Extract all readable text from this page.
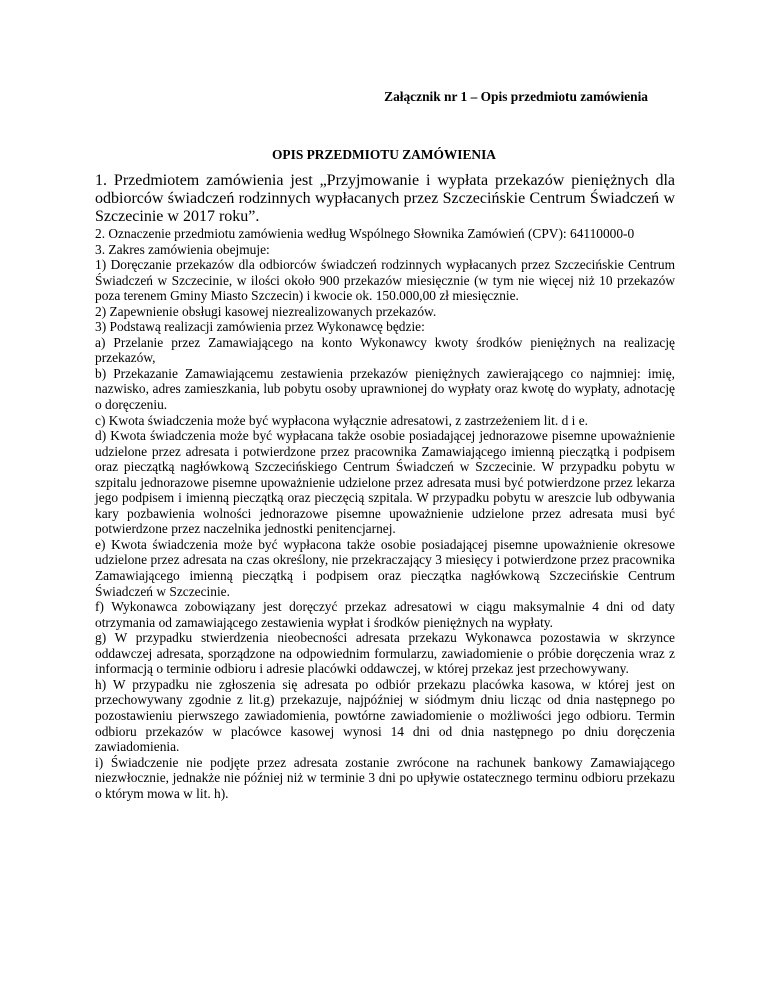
Załącznik nr 1 – Opis przedmiotu zamówienia
OPIS PRZEDMIOTU ZAMÓWIENIA

1. Przedmiotem zamówienia jest „Przyjmowanie i wypłata przekazów pieniężnych dla odbiorców świadczeń rodzinnych wypłacanych przez Szczecińskie Centrum Świadczeń w Szczecinie w 2017 roku”.

2. Oznaczenie przedmiotu zamówienia według Wspólnego Słownika Zamówień (CPV): 64110000-0

3. Zakres zamówienia obejmuje:

1) Doręczanie przekazów dla odbiorców świadczeń rodzinnych wypłacanych przez Szczecińskie Centrum Świadczeń w Szczecinie, w ilości około 900 przekazów miesięcznie (w tym nie więcej niż 10 przekazów poza terenem Gminy Miasto Szczecin) i kwocie ok. 150.000,00 zł miesięcznie.

2) Zapewnienie obsługi kasowej niezrealizowanych przekazów.

3) Podstawą realizacji zamówienia przez Wykonawcę będzie:

a) Przelanie przez Zamawiającego na konto Wykonawcy kwoty środków pieniężnych na realizację przekazów,

b) Przekazanie Zamawiającemu zestawienia przekazów pieniężnych zawierającego co najmniej: imię, nazwisko, adres zamieszkania, lub pobytu osoby uprawnionej do wypłaty oraz kwotę do wypłaty, adnotację o doręczeniu.

c) Kwota świadczenia może być wypłacona wyłącznie adresatowi, z zastrzeżeniem lit. d i e.

d) Kwota świadczenia może być wypłacana także osobie posiadającej jednorazowe pisemne upoważnienie udzielone przez adresata i potwierdzone przez pracownika Zamawiającego imienną pieczątką i podpisem oraz pieczątką nagłówkową Szczecińskiego Centrum Świadczeń w Szczecinie. W przypadku pobytu w szpitalu jednorazowe pisemne upoważnienie udzielone przez adresata musi być potwierdzone przez lekarza jego podpisem i imienną pieczątką oraz pieczęcią szpitala. W przypadku pobytu w areszcie lub odbywania kary pozbawienia wolności jednorazowe pisemne upoważnienie udzielone przez adresata musi być potwierdzone przez naczelnika jednostki penitencjarnej.

e) Kwota świadczenia może być wypłacona także osobie posiadającej pisemne upoważnienie okresowe udzielone przez adresata na czas określony, nie przekraczający 3 miesięcy i potwierdzone przez pracownika Zamawiającego imienną pieczątką i podpisem oraz pieczątka nagłówkową Szczecińskie Centrum Świadczeń w Szczecinie.

f) Wykonawca zobowiązany jest doręczyć przekaz adresatowi w ciągu maksymalnie 4 dni od daty otrzymania od zamawiającego zestawienia wypłat i środków pieniężnych na wypłaty.

g) W przypadku stwierdzenia nieobecności adresata przekazu Wykonawca pozostawia w skrzynce oddawczej adresata, sporządzone na odpowiednim formularzu, zawiadomienie o próbie doręczenia wraz z informacją o terminie odbioru i adresie placówki oddawczej, w której przekaz jest przechowywany.

h) W przypadku nie zgłoszenia się adresata po odbiór przekazu placówka kasowa, w której jest on przechowywany zgodnie z lit.g) przekazuje, najpóźniej w siódmym dniu licząc od dnia następnego po pozostawieniu pierwszego zawiadomienia, powtórne zawiadomienie o możliwości jego odbioru. Termin odbioru przekazów w placówce kasowej wynosi 14 dni od dnia następnego po dniu doręczenia zawiadomienia.

i) Świadczenie nie podjęte przez adresata zostanie zwrócone na rachunek bankowy Zamawiającego niezwłocznie, jednakże nie później niż w terminie 3 dni po upływie ostatecznego terminu odbioru przekazu o którym mowa w lit. h).
